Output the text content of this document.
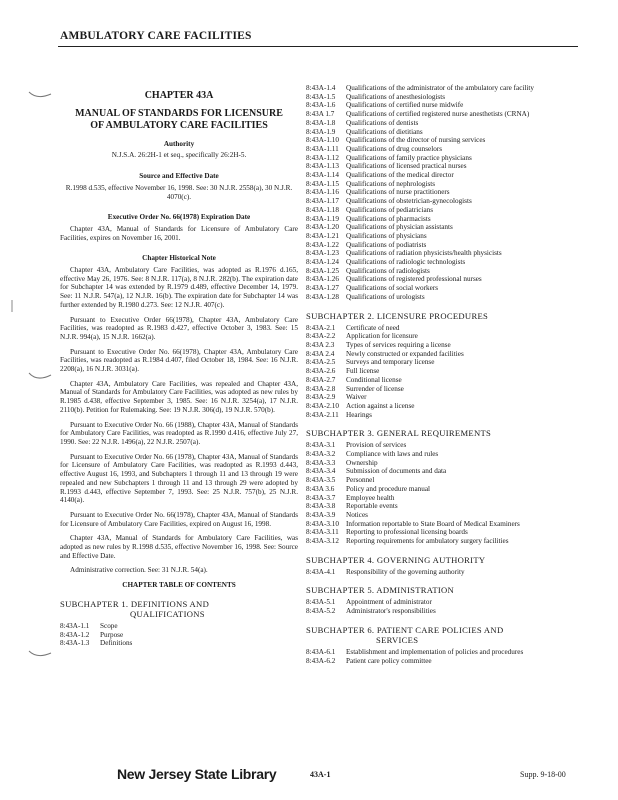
AMBULATORY CARE FACILITIES
CHAPTER 43A
MANUAL OF STANDARDS FOR LICENSURE
OF AMBULATORY CARE FACILITIES
Authority
N.J.S.A. 26:2H-1 et seq., specifically 26:2H-5.
Source and Effective Date
R.1998 d.535, effective November 16, 1998. See: 30 N.J.R. 2558(a), 30 N.J.R. 4070(c).
Executive Order No. 66(1978) Expiration Date
Chapter 43A, Manual of Standards for Licensure of Ambulatory Care Facilities, expires on November 16, 2001.
Chapter Historical Note
Chapter 43A, Ambulatory Care Facilities, was adopted as R.1976 d.165, effective May 26, 1976. See: 8 N.J.R. 117(a), 8 N.J.R. 282(b). The expiration date for Subchapter 14 was extended by R.1979 d.489, effective December 14, 1979. See: 11 N.J.R. 547(a), 12 N.J.R. 16(b). The expiration date for Subchapter 14 was further extended by R.1980 d.273. See: 12 N.J.R. 407(c).
Pursuant to Executive Order 66(1978), Chapter 43A, Ambulatory Care Facilities, was readopted as R.1983 d.427, effective October 3, 1983. See: 15 N.J.R. 994(a), 15 N.J.R. 1662(a).
Pursuant to Executive Order No. 66(1978), Chapter 43A, Ambulatory Care Facilities, was readopted as R.1984 d.407, filed October 18, 1984. See: 16 N.J.R. 2208(a), 16 N.J.R. 3031(a).
Chapter 43A, Ambulatory Care Facilities, was repealed and Chapter 43A, Manual of Standards for Ambulatory Care Facilities, was adopted as new rules by R.1985 d.438, effective September 3, 1985. See: 16 N.J.R. 3254(a), 17 N.J.R. 2110(b). Petition for Rulemaking. See: 19 N.J.R. 306(d), 19 N.J.R. 570(b).
Pursuant to Executive Order No. 66 (1988), Chapter 43A, Manual of Standards for Ambulatory Care Facilities, was readopted as R.1990 d.416, effective July 27, 1990. See: 22 N.J.R. 1496(a), 22 N.J.R. 2507(a).
Pursuant to Executive Order No. 66 (1978), Chapter 43A, Manual of Standards for Licensure of Ambulatory Care Facilities, was readopted as R.1993 d.443, effective August 16, 1993, and Subchapters 1 through 11 and 13 through 19 were repealed and new Subchapters 1 through 11 and 13 through 29 were adopted by R.1993 d.443, effective September 7, 1993. See: 25 N.J.R. 757(b), 25 N.J.R. 4140(a).
Pursuant to Executive Order No. 66(1978), Chapter 43A, Manual of Standards for Licensure of Ambulatory Care Facilities, expired on August 16, 1998.
Chapter 43A, Manual of Standards for Ambulatory Care Facilities, was adopted as new rules by R.1998 d.535, effective November 16, 1998. See: Source and Effective Date.
Administrative correction. See: 31 N.J.R. 54(a).
CHAPTER TABLE OF CONTENTS
SUBCHAPTER 1. DEFINITIONS AND
QUALIFICATIONS
8:43A-1.1	Scope
8:43A-1.2	Purpose
8:43A-1.3	Definitions
8:43A-1.4	Qualifications of the administrator of the ambulatory care facility
8:43A-1.5	Qualifications of anesthesiologists
8:43A-1.6	Qualifications of certified nurse midwife
8:43A 1.7	Qualifications of certified registered nurse anesthetists (CRNA)
8:43A-1.8	Qualifications of dentists
8:43A-1.9	Qualifications of dietitians
8:43A-1.10 Qualifications of the director of nursing services
8:43A-1.11	Qualifications of drug counselors
8:43A-1.12 Qualifications of family practice physicians
8:43A-1.13 Qualifications of licensed practical nurses
8:43A-1.14 Qualifications of the medical director
8:43A-1.15 Qualifications of nephrologists
8:43A-1.16 Qualifications of nurse practitioners
8:43A-1.17 Qualifications of obstetrician-gynecologists
8:43A-1.18 Qualifications of pediatricians
8:43A-1.19 Qualifications of pharmacists
8:43A-1.20 Qualifications of physician assistants
8:43A-1.21 Qualifications of physicians
8:43A-1.22 Qualifications of podiatrists
8:43A-1.23 Qualifications of radiation physicists/health physicists
8:43A-1.24 Qualifications of radiologic technologists
8:43A-1.25 Qualifications of radiologists
8:43A-1.26 Qualifications of registered professional nurses
8:43A-1.27 Qualifications of social workers
8:43A-1.28 Qualifications of urologists
SUBCHAPTER 2. LICENSURE PROCEDURES
8:43A-2.1	Certificate of need
8:43A-2.2	Application for licensure
8:43A 2.3	Types of services requiring a license
8:43A 2.4	Newly constructed or expanded facilities
8:43A-2.5	Surveys and temporary license
8:43A-2.6	Full license
8:43A-2.7	Conditional license
8:43A-2.8	Surrender of license
8:43A-2.9	Waiver
8:43A-2.10 Action against a license
8:43A-2.11	Hearings
SUBCHAPTER 3. GENERAL REQUIREMENTS
8:43A-3.1	Provision of services
8:43A-3.2	Compliance with laws and rules
8:43A-3.3	Ownership
8:43A-3.4	Submission of documents and data
8:43A-3.5	Personnel
8:43A 3.6	Policy and procedure manual
8:43A-3.7	Employee health
8:43A-3.8	Reportable events
8:43A-3.9	Notices
8:43A-3.10 Information reportable to State Board of Medical Examiners
8:43A-3.11	Reporting to professional licensing boards
8:43A-3.12 Reporting requirements for ambulatory surgery facilities
SUBCHAPTER 4. GOVERNING AUTHORITY
8:43A-4.1	Responsibility of the governing authority
SUBCHAPTER 5. ADMINISTRATION
8:43A-5.1	Appointment of administrator
8:43A-5.2	Administrator's responsibilities
SUBCHAPTER 6. PATIENT CARE POLICIES AND
SERVICES
8:43A-6.1	Establishment and implementation of policies and procedures
8:43A-6.2	Patient care policy committee
New Jersey State Library	43A-1	Supp. 9-18-00
